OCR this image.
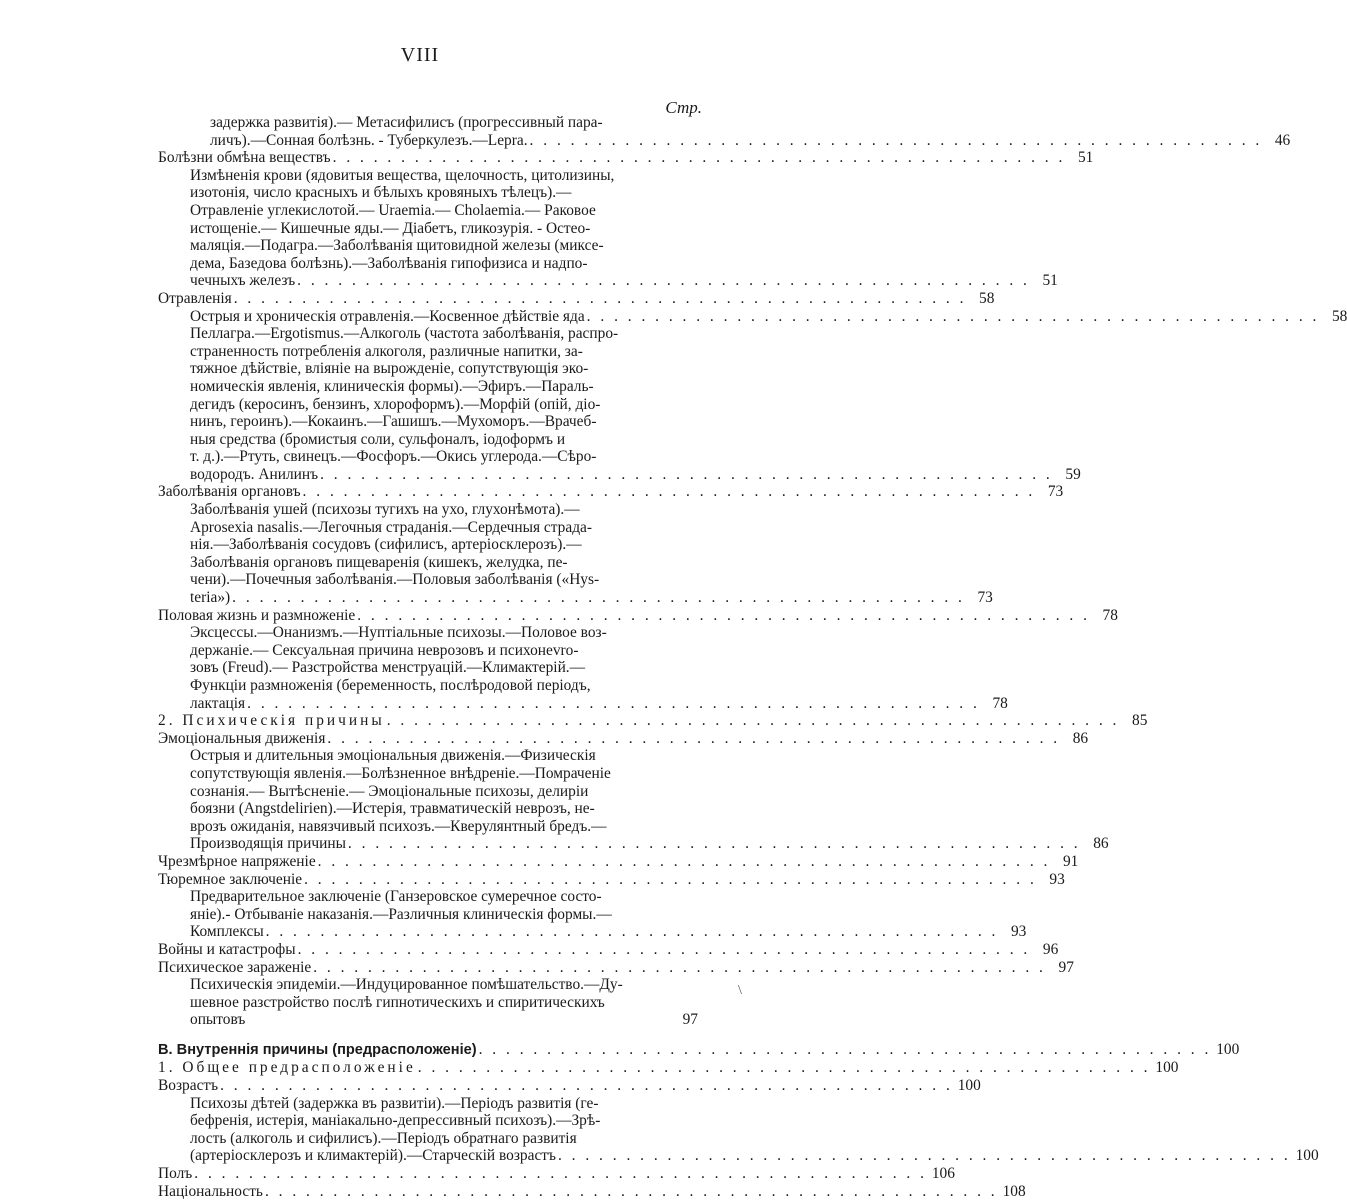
VIII
Стр.
задержка развитія).— Метасифилисъ (прогрессивный пара-
личъ).—Сонная болѣзнь. - Туберкулезъ.—Lepra. . . . . . . . . . . . . . . . . . . . . . . . . . . . . . . . . . . . . . . . . . . . . . . . . . . . . . . 46
Болѣзни обмѣна веществъ . . . . . . . . . . . . . . . . . . . . . . . . . . . . . . . . . . . . . . . . . . . . . . . . . . . . . . 51
Измѣненія крови (ядовитыя вещества, щелочность, цитолизины,
изотонія, число красныхъ и бѣлыхъ кровяныхъ тѣлецъ).—
Отравленіе углекислотой.— Uraemia.— Cholaemia.— Раковое
истощеніе.— Кишечные яды.— Діабетъ, гликозурія. - Остео-
маляція.—Подагра.—Заболѣванія щитовидной железы (миксе-
дема, Базедова болѣзнь).—Заболѣванія гипофизиса и надпо-
чечныхъ железъ . . . . . . . . . . . . . . . . . . . . . . . . . . . . . . . . . . . . . . . . . . . . . . . . . . . . . . 51
Отравленія . . . . . . . . . . . . . . . . . . . . . . . . . . . . . . . . . . . . . . . . . . . . . . . . . . . . . . 58
Острыя и хроническія отравленія.—Косвенное дѣйствіе яда . . . . . . . . . . . . . . . . . . . . . . . . . . . . . . . . . . . . . . . . . . . . . . . . . . . . . . 58
Пеллагра.—Ergotismus.—Алкоголь (частота заболѣванія, распро-
страненность потребленія алкоголя, различные напитки, за-
тяжное дѣйствіе, вліяніе на вырожденіе, сопутствующія эко-
номическія явленія, клиническія формы).—Эфиръ.—Параль-
дегидъ (керосинъ, бензинъ, хлороформъ).—Морфій (опій, діо-
нинъ, героинъ).—Кокаинъ.—Гашишъ.—Мухоморъ.—Врачеб-
ныя средства (бромистыя соли, сульфоналъ, іодоформъ и
т. д.).—Ртуть, свинецъ.—Фосфоръ.—Окись углерода.—Сѣро-
водородъ. Анилинъ . . . . . . . . . . . . . . . . . . . . . . . . . . . . . . . . . . . . . . . . . . . . . . . . . . . . . . 59
Заболѣванія органовъ . . . . . . . . . . . . . . . . . . . . . . . . . . . . . . . . . . . . . . . . . . . . . . . . . . . . . . 73
Заболѣванія ушей (психозы тугихъ на ухо, глухонѣмота).—
Aprosexia nasalis.—Легочныя страданія.—Сердечныя страда-
нія.—Заболѣванія сосудовъ (сифилисъ, артеріосклерозъ).—
Заболѣванія органовъ пищеваренія (кишекъ, желудка, пе-
чени).—Почечныя заболѣванія.—Половыя заболѣванія («Hys-
teria») . . . . . . . . . . . . . . . . . . . . . . . . . . . . . . . . . . . . . . . . . . . . . . . . . . . . . . 73
Половая жизнь и размноженіе . . . . . . . . . . . . . . . . . . . . . . . . . . . . . . . . . . . . . . . . . . . . . . . . . . . . . . 78
Эксцессы.—Онанизмъ.—Нуптіальные психозы.—Половое воз-
держаніе.— Сексуальная причина неврозовъ и психонevro-
зовъ (Freud).— Разстройства менструацій.—Климактерій.—
Функціи размноженія (беременность, послѣродовой періодъ,
лактація . . . . . . . . . . . . . . . . . . . . . . . . . . . . . . . . . . . . . . . . . . . . . . . . . . . . . . 78
2. Психическія причины . . . . . . . . . . . . . . . . . . . . . . . . . . . . . . . . . . . . . . . . . . . . . . . . . . . . . . 85
Эмоціональныя движенія . . . . . . . . . . . . . . . . . . . . . . . . . . . . . . . . . . . . . . . . . . . . . . . . . . . . . . 86
Острыя и длительныя эмоціональныя движенія.—Физическія
сопутствующія явленія.—Болѣзненное внѣдреніе.—Помраченіе
сознанія.— Вытѣсненіе.— Эмоціональные психозы, делиріи
боязни (Angstdelirien).—Истерія, травматическій неврозъ, не-
врозъ ожиданія, навязчивый психозъ.—Кверулянтный бредъ.—
Производящія причины . . . . . . . . . . . . . . . . . . . . . . . . . . . . . . . . . . . . . . . . . . . . . . . . . . . . . . 86
Чрезмѣрное напряженіе . . . . . . . . . . . . . . . . . . . . . . . . . . . . . . . . . . . . . . . . . . . . . . . . . . . . . . 91
Тюремное заключеніе . . . . . . . . . . . . . . . . . . . . . . . . . . . . . . . . . . . . . . . . . . . . . . . . . . . . . . 93
Предварительное заключеніе (Ганзеровское сумеречное состо-
яніе).- Отбываніе наказанія.—Различныя клиническія формы.—
Комплексы . . . . . . . . . . . . . . . . . . . . . . . . . . . . . . . . . . . . . . . . . . . . . . . . . . . . . . 93
Войны и катастрофы . . . . . . . . . . . . . . . . . . . . . . . . . . . . . . . . . . . . . . . . . . . . . . . . . . . . . . 96
Психическое зараженіе . . . . . . . . . . . . . . . . . . . . . . . . . . . . . . . . . . . . . . . . . . . . . . . . . . . . . . 97
Психическія эпидеміи.—Индуцированное помѣшательство.—Ду-
шевное разстройство послѣ гипнотическихъ и спиритическихъ
опытовъ	97
В. Внутреннія причины (предрасположеніе) . . . . . . . . . . . . . . . . . . . . . . . . . . . . . . . . . . . . . . . . . . . . . . . . . . . . . . 100
1. Общее предрасположеніе . . . . . . . . . . . . . . . . . . . . . . . . . . . . . . . . . . . . . . . . . . . . . . . . . . . . . . 100
Возрастъ . . . . . . . . . . . . . . . . . . . . . . . . . . . . . . . . . . . . . . . . . . . . . . . . . . . . . . 100
Психозы дѣтей (задержка въ развитіи).—Періодъ развитія (ге-
бефренія, истерія, маніакально-депрессивный психозъ).—Зрѣ-
лость (алкоголь и сифилисъ).—Періодъ обратнаго развитія
(артеріосклерозъ и климактерій).—Старческій возрастъ . . . . . . . . . . . . . . . . . . . . . . . . . . . . . . . . . . . . . . . . . . . . . . . . . . . . . . 100
Полъ . . . . . . . . . . . . . . . . . . . . . . . . . . . . . . . . . . . . . . . . . . . . . . . . . . . . . . 106
Національность . . . . . . . . . . . . . . . . . . . . . . . . . . . . . . . . . . . . . . . . . . . . . . . . . . . . . . 108
\
